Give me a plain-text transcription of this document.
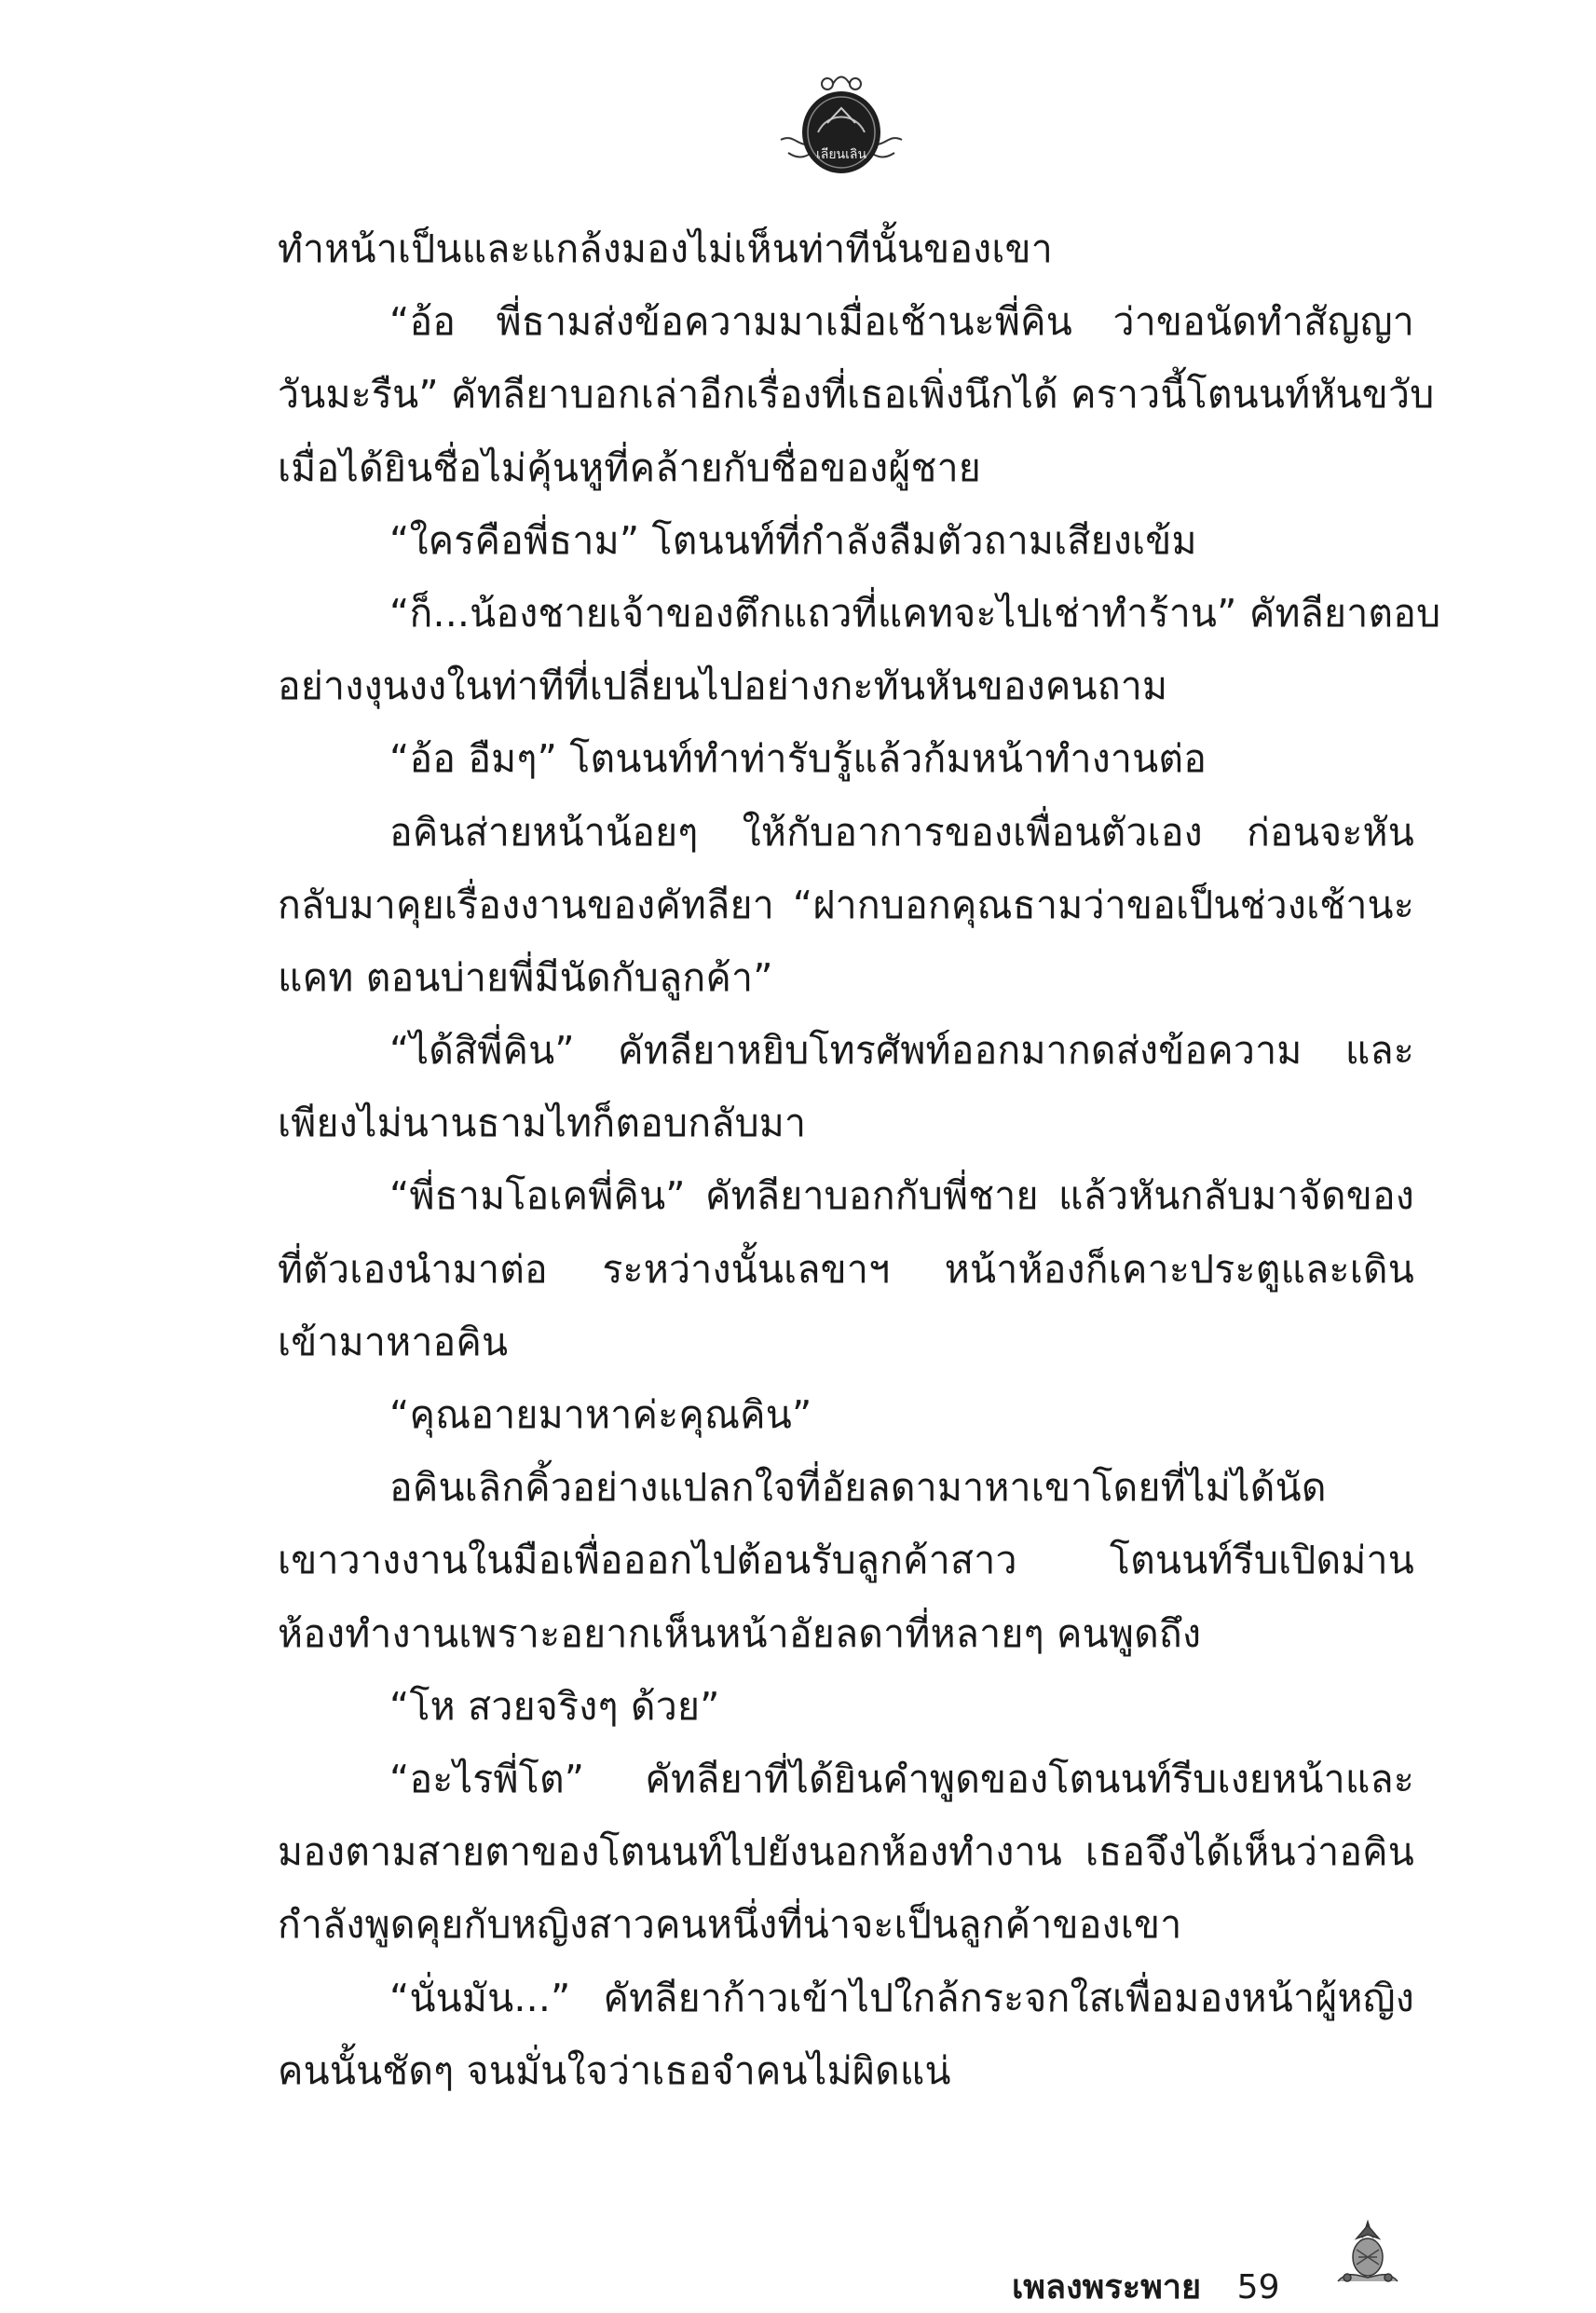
เลียนเลิน
ทำหน้าเป็นและแกล้งมองไม่เห็นท่าทีนั้นของเขา
“อ้อ พี่ธามส่งข้อความมาเมื่อเช้านะพี่คิน ว่าขอนัดทำสัญญา
วันมะรืน” คัทลียาบอกเล่าอีกเรื่องที่เธอเพิ่งนึกได้ คราวนี้โตนนท์หันขวับ
เมื่อได้ยินชื่อไม่คุ้นหูที่คล้ายกับชื่อของผู้ชาย
“ใครคือพี่ธาม” โตนนท์ที่กำลังลืมตัวถามเสียงเข้ม
“ก็...น้องชายเจ้าของตึกแถวที่แคทจะไปเช่าทำร้าน” คัทลียาตอบ
อย่างงุนงงในท่าทีที่เปลี่ยนไปอย่างกะทันหันของคนถาม
“อ้อ อืมๆ” โตนนท์ทำท่ารับรู้แล้วก้มหน้าทำงานต่อ
อคินส่ายหน้าน้อยๆ ให้กับอาการของเพื่อนตัวเอง ก่อนจะหัน
กลับมาคุยเรื่องงานของคัทลียา “ฝากบอกคุณธามว่าขอเป็นช่วงเช้านะ
แคท ตอนบ่ายพี่มีนัดกับลูกค้า”
“ได้สิพี่คิน” คัทลียาหยิบโทรศัพท์ออกมากดส่งข้อความ และ
เพียงไม่นานธามไทก็ตอบกลับมา
“พี่ธามโอเคพี่คิน” คัทลียาบอกกับพี่ชาย แล้วหันกลับมาจัดของ
ที่ตัวเองนำมาต่อ ระหว่างนั้นเลขาฯ หน้าห้องก็เคาะประตูและเดิน
เข้ามาหาอคิน
“คุณอายมาหาค่ะคุณคิน”
อคินเลิกคิ้วอย่างแปลกใจที่อัยลดามาหาเขาโดยที่ไม่ได้นัด
เขาวางงานในมือเพื่อออกไปต้อนรับลูกค้าสาว โตนนท์รีบเปิดม่าน
ห้องทำงานเพราะอยากเห็นหน้าอัยลดาที่หลายๆ คนพูดถึง
“โห สวยจริงๆ ด้วย”
“อะไรพี่โต” คัทลียาที่ได้ยินคำพูดของโตนนท์รีบเงยหน้าและ
มองตามสายตาของโตนนท์ไปยังนอกห้องทำงาน เธอจึงได้เห็นว่าอคิน
กำลังพูดคุยกับหญิงสาวคนหนึ่งที่น่าจะเป็นลูกค้าของเขา
“นั่นมัน...” คัทลียาก้าวเข้าไปใกล้กระจกใสเพื่อมองหน้าผู้หญิง
คนนั้นชัดๆ จนมั่นใจว่าเธอจำคนไม่ผิดแน่
เพลงพระพาย 59
